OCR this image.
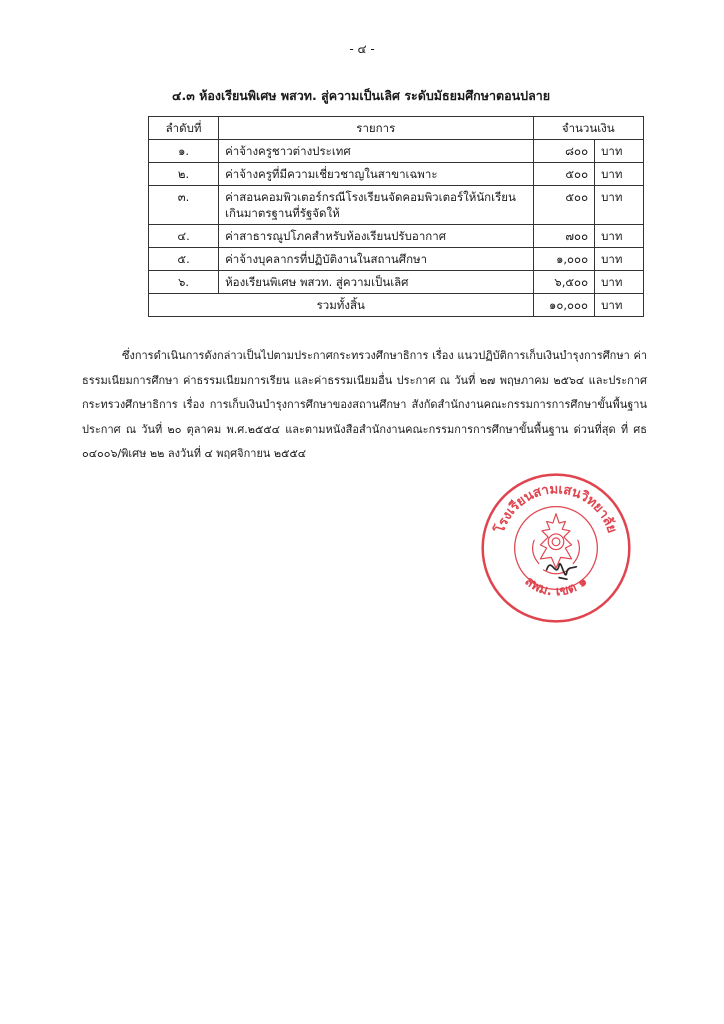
- ๔ -
๔.๓ ห้องเรียนพิเศษ พสวท. สู่ความเป็นเลิศ ระดับมัธยมศึกษาตอนปลาย
ลำดับที่	รายการ	จำนวนเงิน	
๑.	ค่าจ้างครูชาวต่างประเทศ	๘๐๐	บาท
๒.	ค่าจ้างครูที่มีความเชี่ยวชาญในสาขาเฉพาะ	๕๐๐	บาท
๓.	ค่าสอนคอมพิวเตอร์กรณีโรงเรียนจัดคอมพิวเตอร์ให้นักเรียนเกินมาตรฐานที่รัฐจัดให้	๕๐๐	บาท
๔.	ค่าสาธารณูปโภคสำหรับห้องเรียนปรับอากาศ	๗๐๐	บาท
๕.	ค่าจ้างบุคลากรที่ปฏิบัติงานในสถานศึกษา	๑,๐๐๐	บาท
๖.	ห้องเรียนพิเศษ พสวท. สู่ความเป็นเลิศ	๖,๕๐๐	บาท
รวมทั้งสิ้น		๑๐,๐๐๐	บาท

ซึ่งการดำเนินการดังกล่าวเป็นไปตามประกาศกระทรวงศึกษาธิการ เรื่อง แนวปฏิบัติการเก็บเงินบำรุงการศึกษา ค่าธรรมเนียมการศึกษา ค่าธรรมเนียมการเรียน และค่าธรรมเนียมอื่น ประกาศ ณ วันที่ ๒๗ พฤษภาคม ๒๕๖๔ และประกาศกระทรวงศึกษาธิการ เรื่อง การเก็บเงินบำรุงการศึกษาของสถานศึกษา สังกัดสำนักงานคณะกรรมการการศึกษาขั้นพื้นฐาน ประกาศ ณ วันที่ ๒๐ ตุลาคม พ.ศ.๒๕๕๔ และตามหนังสือสำนักงานคณะกรรมการการศึกษาขั้นพื้นฐาน ด่วนที่สุด ที่ ศธ ๐๔๐๐๖/พิเศษ ๒๒ ลงวันที่ ๔ พฤศจิกายน ๒๕๕๔

โรงเรียนสามเสนวิทยาลัย
สพม. เขต ๑
